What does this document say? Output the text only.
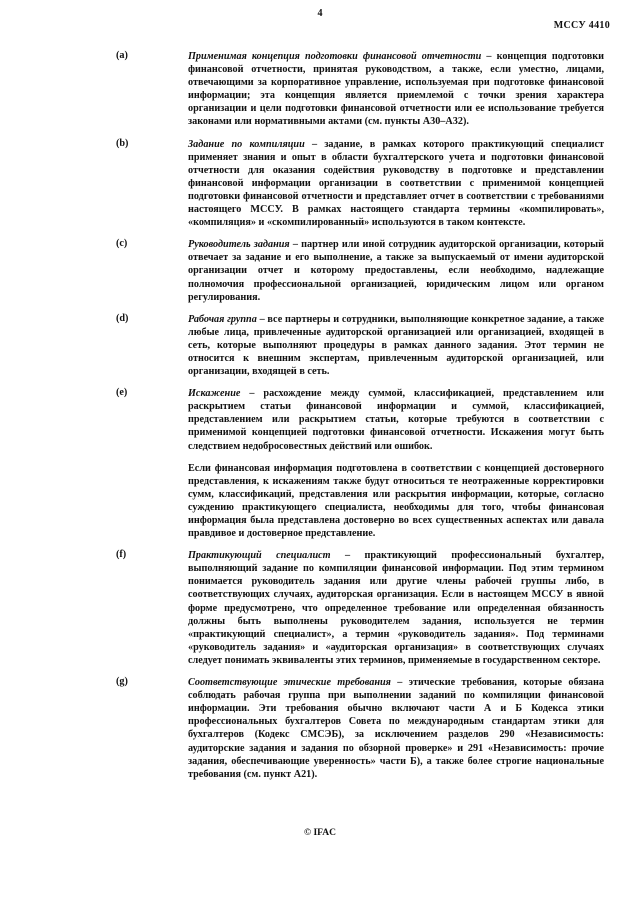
4
МССУ 4410
(a)	Применимая концепция подготовки финансовой отчетности – концепция подготовки финансовой отчетности, принятая руководством, а также, если уместно, лицами, отвечающими за корпоративное управление, используемая при подготовке финансовой информации; эта концепция является приемлемой с точки зрения характера организации и цели подготовки финансовой отчетности или ее использование требуется законами или нормативными актами (см. пункты А30–А32).

(b)	Задание по компиляции – задание, в рамках которого практикующий специалист применяет знания и опыт в области бухгалтерского учета и подготовки финансовой отчетности для оказания содействия руководству в подготовке и представлении финансовой информации организации в соответствии с применимой концепцией подготовки финансовой отчетности и представляет отчет в соответствии с требованиями настоящего МССУ. В рамках настоящего стандарта термины «компилировать», «компиляция» и «скомпилированный» используются в таком контексте.

(c)	Руководитель задания – партнер или иной сотрудник аудиторской организации, который отвечает за задание и его выполнение, а также за выпускаемый от имени аудиторской организации отчет и которому предоставлены, если необходимо, надлежащие полномочия профессиональной организацией, юридическим лицом или органом регулирования.

(d)	Рабочая группа – все партнеры и сотрудники, выполняющие конкретное задание, а также любые лица, привлеченные аудиторской организацией или организацией, входящей в сеть, которые выполняют процедуры в рамках данного задания. Этот термин не относится к внешним экспертам, привлеченным аудиторской организацией, или организации, входящей в сеть.

(e)	Искажение – расхождение между суммой, классификацией, представлением или раскрытием статьи финансовой информации и суммой, классификацией, представлением или раскрытием статьи, которые требуются в соответствии с применимой концепцией подготовки финансовой отчетности. Искажения могут быть следствием недобросовестных действий или ошибок.

Если финансовая информация подготовлена в соответствии с концепцией достоверного представления, к искажениям также будут относиться те неотраженные корректировки сумм, классификаций, представления или раскрытия информации, которые, согласно суждению практикующего специалиста, необходимы для того, чтобы финансовая информация была представлена достоверно во всех существенных аспектах или давала правдивое и достоверное представление.

(f)	Практикующий специалист – практикующий профессиональный бухгалтер, выполняющий задание по компиляции финансовой информации. Под этим термином понимается руководитель задания или другие члены рабочей группы либо, в соответствующих случаях, аудиторская организация. Если в настоящем МССУ в явной форме предусмотрено, что определенное требование или определенная обязанность должны быть выполнены руководителем задания, используется не термин «практикующий специалист», а термин «руководитель задания». Под терминами «руководитель задания» и «аудиторская организация» в соответствующих случаях следует понимать эквиваленты этих терминов, применяемые в государственном секторе.

(g)	Соответствующие этические требования – этические требования, которые обязана соблюдать рабочая группа при выполнении заданий по компиляции финансовой информации. Эти требования обычно включают части А и Б Кодекса этики профессиональных бухгалтеров Совета по международным стандартам этики для бухгалтеров (Кодекс СМСЭБ), за исключением разделов 290 «Независимость: аудиторские задания и задания по обзорной проверке» и 291 «Независимость: прочие задания, обеспечивающие уверенность» части Б), а также более строгие национальные требования (см. пункт А21).

© IFAC
